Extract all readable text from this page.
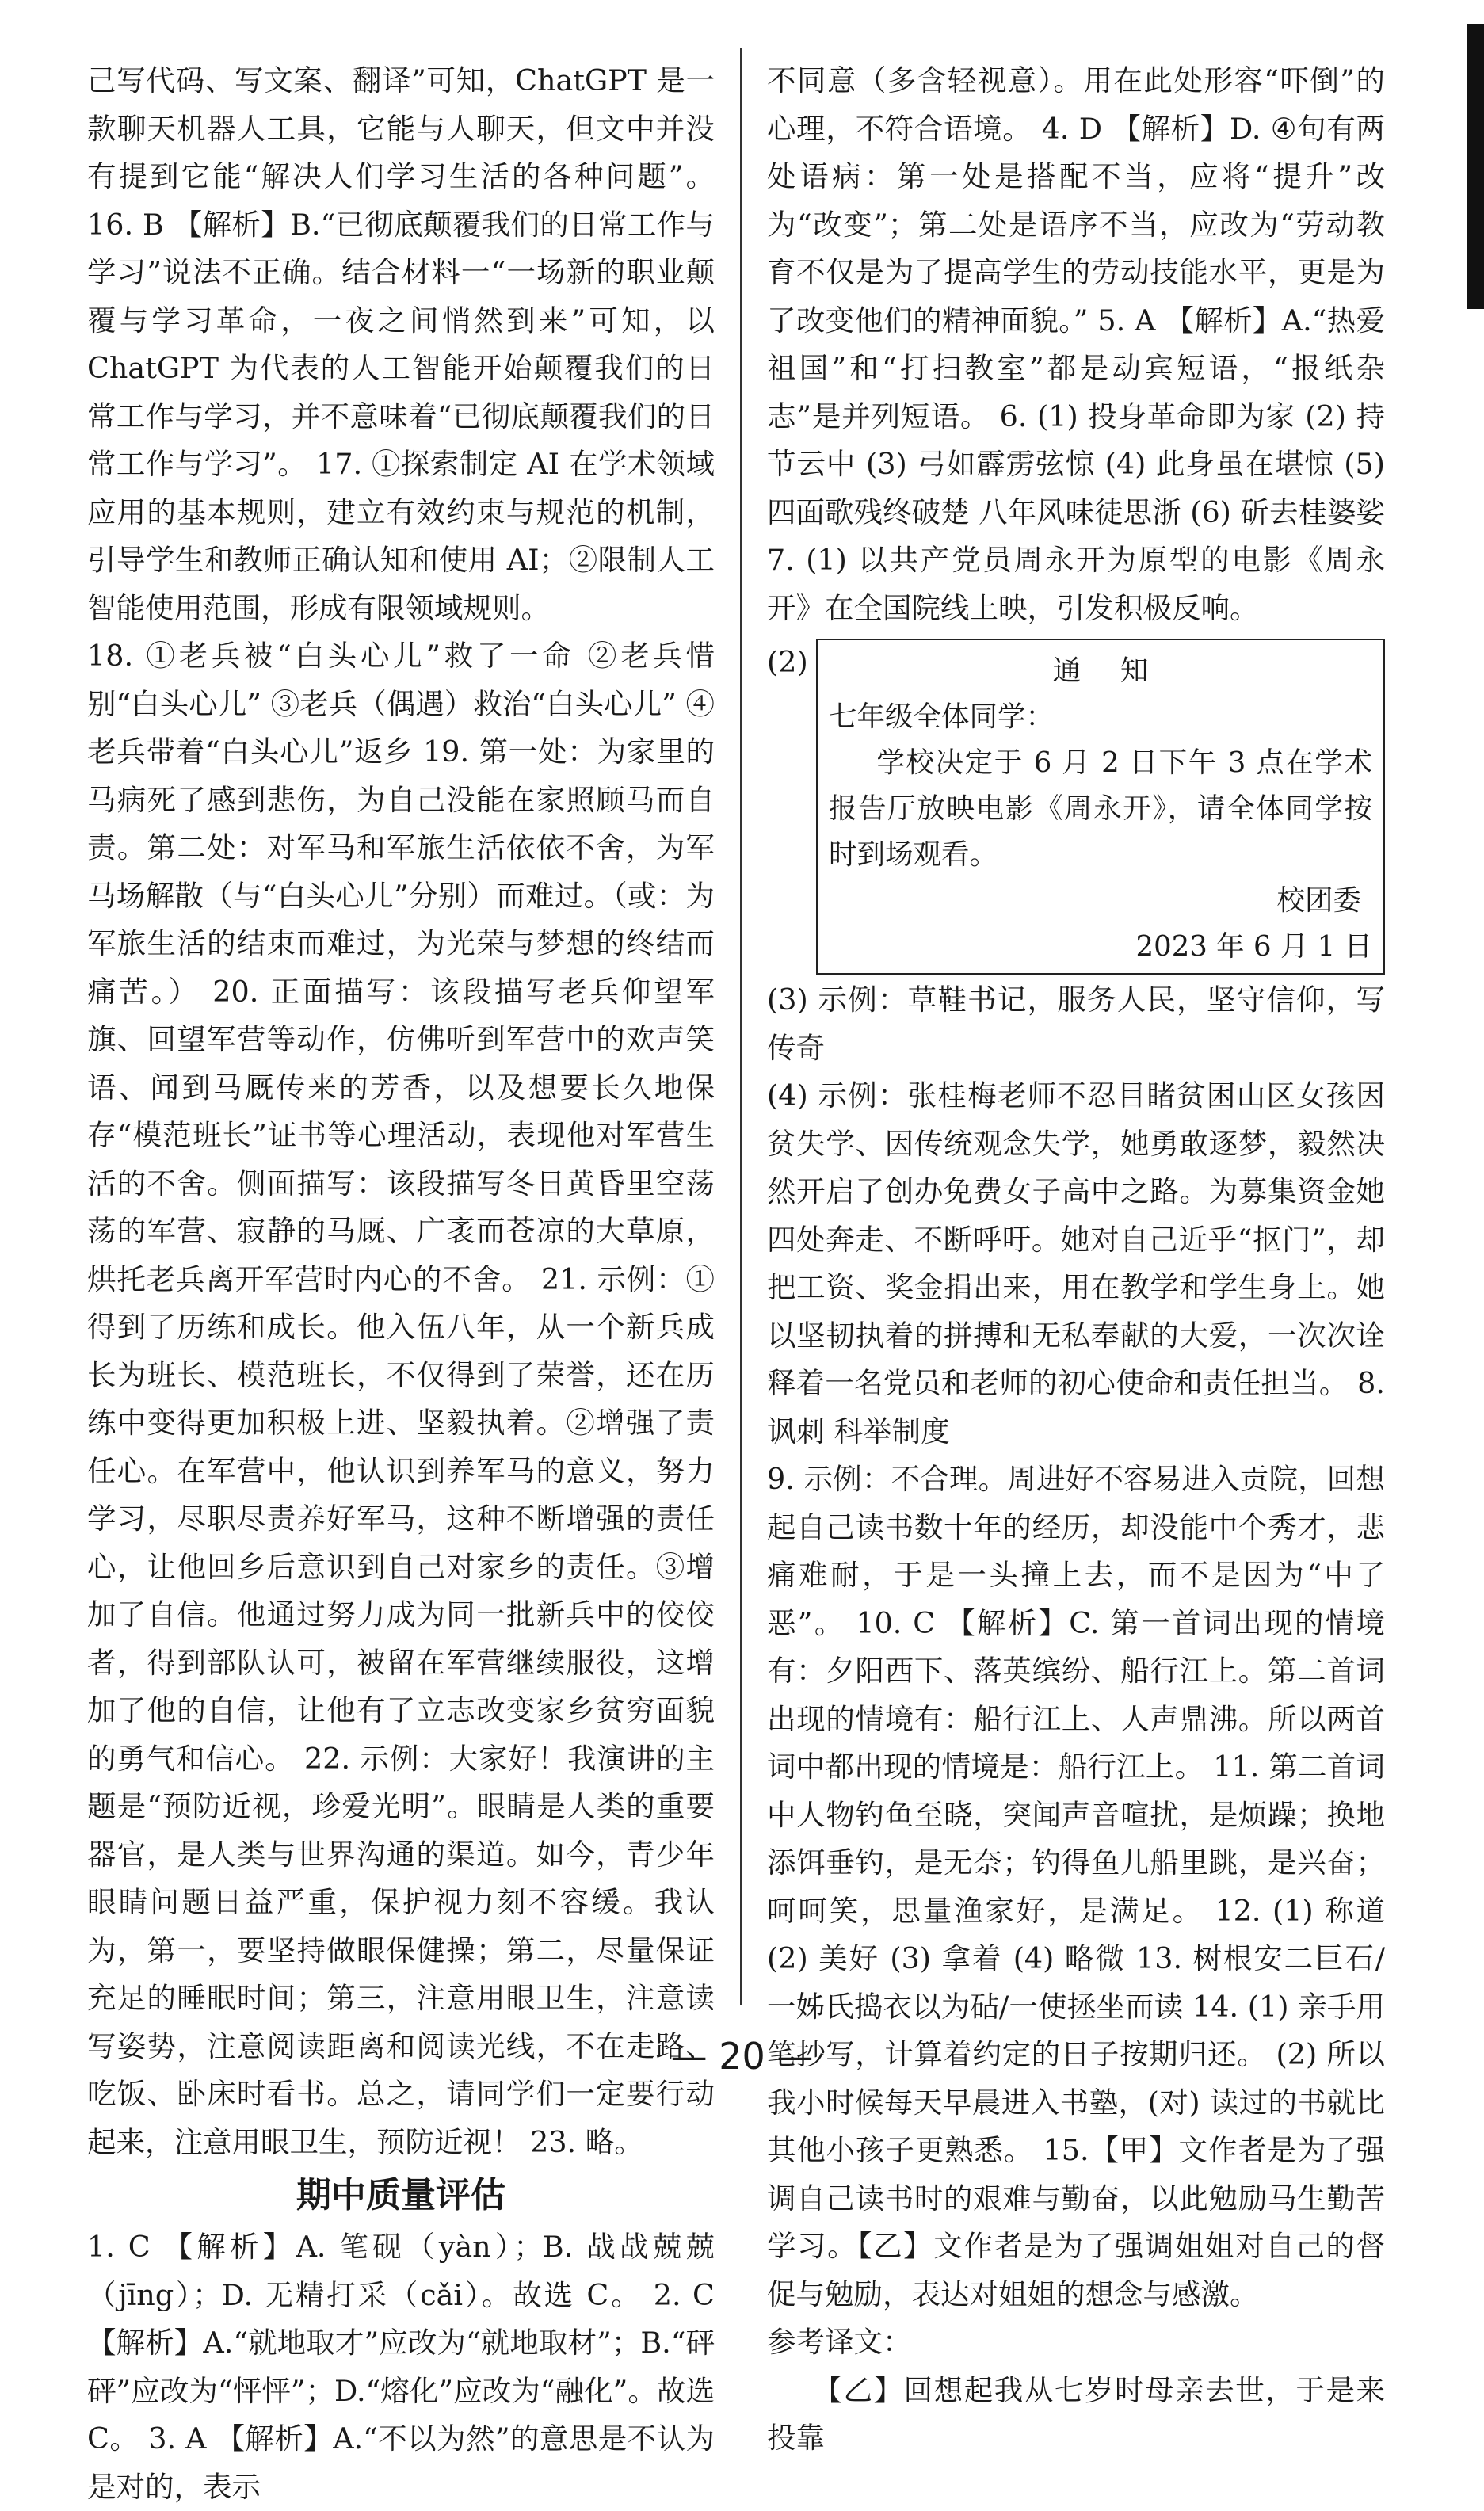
己写代码、写文案、翻译”可知，ChatGPT 是一款聊天机器人工具，它能与人聊天，但文中并没有提到它能“解决人们学习生活的各种问题”。 16. B 【解析】B.“已彻底颠覆我们的日常工作与学习”说法不正确。结合材料一“一场新的职业颠覆与学习革命，一夜之间悄然到来”可知，以 ChatGPT 为代表的人工智能开始颠覆我们的日常工作与学习，并不意味着“已彻底颠覆我们的日常工作与学习”。 17. ①探索制定 AI 在学术领域应用的基本规则，建立有效约束与规范的机制，引导学生和教师正确认知和使用 AI；②限制人工智能使用范围，形成有限领域规则。

18. ①老兵被“白头心儿”救了一命 ②老兵惜别“白头心儿” ③老兵（偶遇）救治“白头心儿” ④老兵带着“白头心儿”返乡 19. 第一处：为家里的马病死了感到悲伤，为自己没能在家照顾马而自责。第二处：对军马和军旅生活依依不舍，为军马场解散（与“白头心儿”分别）而难过。（或：为军旅生活的结束而难过，为光荣与梦想的终结而痛苦。） 20. 正面描写：该段描写老兵仰望军旗、回望军营等动作，仿佛听到军营中的欢声笑语、闻到马厩传来的芳香，以及想要长久地保存“模范班长”证书等心理活动，表现他对军营生活的不舍。侧面描写：该段描写冬日黄昏里空荡荡的军营、寂静的马厩、广袤而苍凉的大草原，烘托老兵离开军营时内心的不舍。 21. 示例：①得到了历练和成长。他入伍八年，从一个新兵成长为班长、模范班长，不仅得到了荣誉，还在历练中变得更加积极上进、坚毅执着。②增强了责任心。在军营中，他认识到养军马的意义，努力学习，尽职尽责养好军马，这种不断增强的责任心，让他回乡后意识到自己对家乡的责任。③增加了自信。他通过努力成为同一批新兵中的佼佼者，得到部队认可，被留在军营继续服役，这增加了他的自信，让他有了立志改变家乡贫穷面貌的勇气和信心。 22. 示例：大家好！我演讲的主题是“预防近视，珍爱光明”。眼睛是人类的重要器官，是人类与世界沟通的渠道。如今，青少年眼睛问题日益严重，保护视力刻不容缓。我认为，第一，要坚持做眼保健操；第二，尽量保证充足的睡眠时间；第三，注意用眼卫生，注意读写姿势，注意阅读距离和阅读光线，不在走路、吃饭、卧床时看书。总之，请同学们一定要行动起来，注意用眼卫生，预防近视！ 23. 略。

期中质量评估

1. C 【解析】A. 笔砚（yàn）；B. 战战兢兢（jīng）；D. 无精打采（cǎi）。故选 C。 2. C 【解析】A.“就地取才”应改为“就地取材”；B.“砰砰”应改为“怦怦”；D.“熔化”应改为“融化”。故选 C。 3. A 【解析】A.“不以为然”的意思是不认为是对的，表示

不同意（多含轻视意）。用在此处形容“吓倒”的心理，不符合语境。 4. D 【解析】D. ④句有两处语病：第一处是搭配不当，应将“提升”改为“改变”；第二处是语序不当，应改为“劳动教育不仅是为了提高学生的劳动技能水平，更是为了改变他们的精神面貌。” 5. A 【解析】A.“热爱祖国”和“打扫教室”都是动宾短语，“报纸杂志”是并列短语。 6. (1) 投身革命即为家 (2) 持节云中 (3) 弓如霹雳弦惊 (4) 此身虽在堪惊 (5) 四面歌残终破楚 八年风味徒思浙 (6) 斫去桂婆娑 7. (1) 以共产党员周永开为原型的电影《周永开》在全国院线上映，引发积极反响。

(2)	通知
七年级全体同学：
学校决定于 6 月 2 日下午 3 点在学术报告厅放映电影《周永开》，请全体同学按时到场观看。
校团委
2023 年 6 月 1 日

(3) 示例：草鞋书记，服务人民，坚守信仰，写传奇

(4) 示例：张桂梅老师不忍目睹贫困山区女孩因贫失学、因传统观念失学，她勇敢逐梦，毅然决然开启了创办免费女子高中之路。为募集资金她四处奔走、不断呼吁。她对自己近乎“抠门”，却把工资、奖金捐出来，用在教学和学生身上。她以坚韧执着的拼搏和无私奉献的大爱，一次次诠释着一名党员和老师的初心使命和责任担当。 8. 讽刺 科举制度

9. 示例：不合理。周进好不容易进入贡院，回想起自己读书数十年的经历，却没能中个秀才，悲痛难耐，于是一头撞上去，而不是因为“中了恶”。 10. C 【解析】C. 第一首词出现的情境有：夕阳西下、落英缤纷、船行江上。第二首词出现的情境有：船行江上、人声鼎沸。所以两首词中都出现的情境是：船行江上。 11. 第二首词中人物钓鱼至晓，突闻声音喧扰，是烦躁；换地添饵垂钓，是无奈；钓得鱼儿船里跳，是兴奋；呵呵笑，思量渔家好，是满足。 12. (1) 称道 (2) 美好 (3) 拿着 (4) 略微 13. 树根安二巨石/一姊氏捣衣以为砧/一使拯坐而读 14. (1) 亲手用笔抄写，计算着约定的日子按期归还。 (2) 所以我小时候每天早晨进入书塾，(对) 读过的书就比其他小孩子更熟悉。 15.【甲】文作者是为了强调自己读书时的艰难与勤奋，以此勉励马生勤苦学习。【乙】文作者是为了强调姐姐对自己的督促与勉励，表达对姐姐的想念与感激。

参考译文：

【乙】回想起我从七岁时母亲去世，于是来投靠

— 20 —
